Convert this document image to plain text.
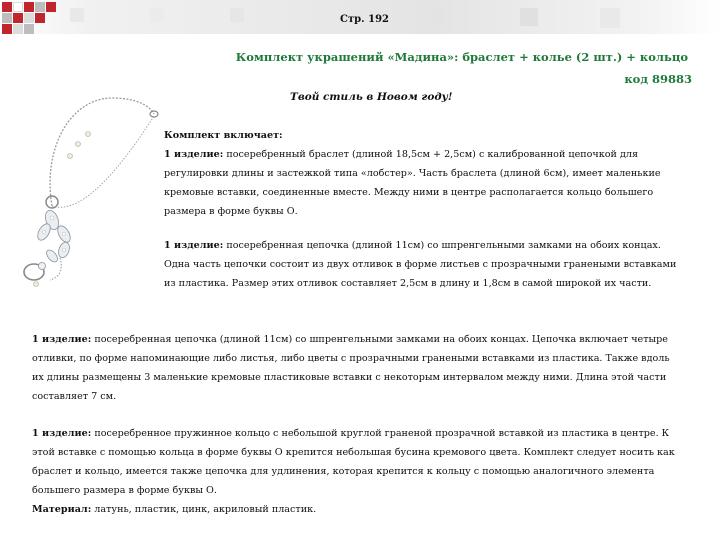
Стр. 192
Комплект украшений «Мадина»: браслет + колье (2 шт.) + кольцо
код 89883
Твой стиль в Новом году!
Комплект включает:
1 изделие: посеребренный браслет (длиной 18,5см + 2,5см) с калиброванной цепочкой для регулировки длины и застежкой типа «лобстер». Часть браслета (длиной 6см), имеет маленькие кремовые вставки, соединенные вместе. Между ними в центре располагается кольцо большего размера в форме буквы О.
1 изделие: посеребренная цепочка (длиной 11см) со шпренгельными замками на обоих концах. Одна часть цепочки состоит из двух отливок в форме листьев с прозрачными гранеными вставками из пластика. Размер этих отливок составляет 2,5см в длину и 1,8см в самой широкой их части.
1 изделие: посеребренная цепочка (длиной 11см) со шпренгельными замками на обоих концах. Цепочка включает четыре отливки, по форме напоминающие либо листья, либо цветы с прозрачными гранеными вставками из пластика. Также вдоль их длины размещены 3 маленькие кремовые пластиковые вставки с некоторым интервалом между ними. Длина этой части составляет 7 см.
1 изделие: посеребренное пружинное кольцо с небольшой круглой граненой прозрачной вставкой из пластика в центре. К этой вставке с помощью кольца в форме буквы О крепится небольшая бусина кремового цвета. Комплект следует носить как браслет и кольцо, имеется также цепочка для удлинения, которая крепится к кольцу с помощью аналогичного элемента большего размера в форме буквы О.
Материал: латунь, пластик, цинк, акриловый пластик.
